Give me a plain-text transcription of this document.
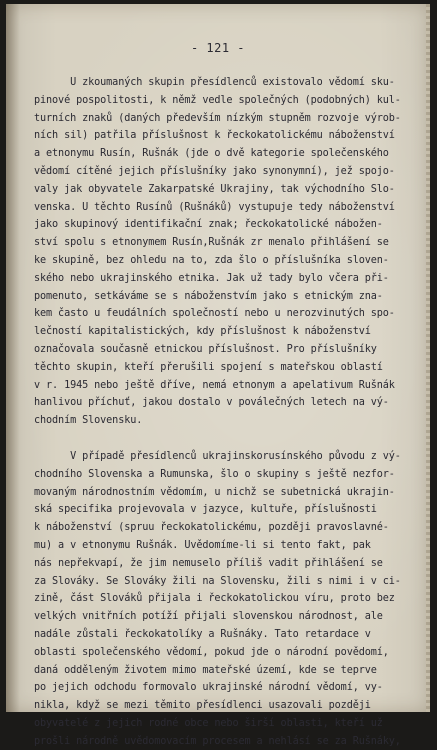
- 121 -

U zkoumaných skupin přesídlenců existovalo vědomí sku-
pinové pospolitosti, k němž vedle společných (podobných) kul-
turních znaků (daných především nízkým stupněm rozvoje výrob-
ních sil) patřila příslušnost k řeckokatolickému náboženství
a etnonymu Rusín, Rušnák (jde o dvě kategorie společenského
vědomí cítěné jejich příslušníky jako synonymní), jež spojo-
valy jak obyvatele Zakarpatské Ukrajiny, tak východního Slo-
venska. U těchto Rusínů (Rušnáků) vystupuje tedy náboženství
jako skupinový identifikační znak; řeckokatolické nábožen-
ství spolu s etnonymem Rusín,Rušnák zr menalo přihlášení se
ke skupině, bez ohledu na to, zda šlo o příslušníka sloven-
ského nebo ukrajinského etnika. Jak už tady bylo včera při-
pomenuto, setkáváme se s náboženstvím jako s etnickým zna-
kem často u feudálních společností nebo u nerozvinutých spo-
lečností kapitalistických, kdy příslušnost k náboženství
označovala současně etnickou příslušnost. Pro příslušníky
těchto skupin, kteří přerušili spojení s mateřskou oblastí
v r. 1945 nebo ještě dříve, nemá etnonym a apelativum Rušnák
hanlivou příchuť, jakou dostalo v poválečných letech na vý-
chodním Slovensku.

V případě přesídlenců ukrajinskorusínského původu z vý-
chodního Slovenska a Rumunska, šlo o skupiny s ještě nezfor-
movaným národnostním vědomím, u nichž se subetnická ukrajin-
ská specifika projevovala v jazyce, kultuře, příslušnosti
k náboženství (spruu řeckokatolickému, později pravoslavné-
mu) a v etnonymu Rušnák. Uvědomíme-li si tento fakt, pak
nás nepřekvapí, že jim nemuselo příliš vadit přihlášení se
za Slováky. Se Slováky žili na Slovensku, žili s nimi i v ci-
zině, část Slováků přijala i řeckokatolickou víru, proto bez
velkých vnitřních potíží přijali slovenskou národnost, ale
nadále zůstali řeckokatolíky a Rušnáky. Tato retardace v
oblasti společenského vědomí, pokud jde o národní povědomí,
daná odděleným životem mimo mateřské území, kde se teprve
po jejich odchodu formovalo ukrajinské národní vědomí, vy-
nikla, když se mezi těmito přesídlenci usazovali později
obyvatelé z jejich rodné obce nebo širší oblasti, kteří už
prošli národně uvědomovacím procesem a nehlásí se za Rušnáky,
